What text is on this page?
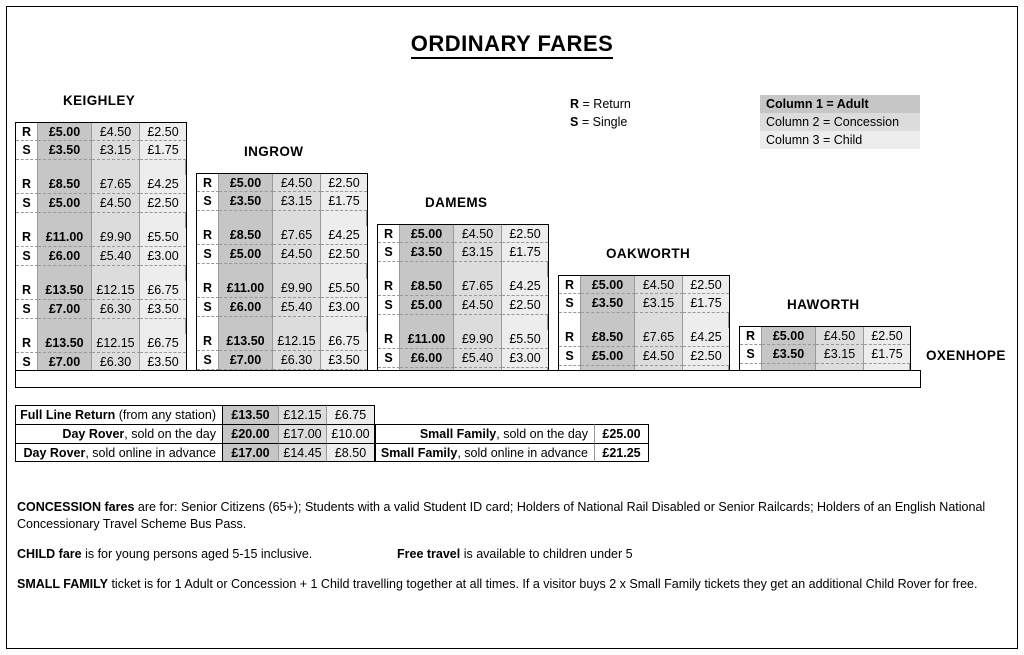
ORDINARY FARES
R = Return
S = Single
Column 1 = Adult
Column 2 = Concession
Column 3 = Child
KEIGHLEY
R	£5.00	£4.50	£2.50
S	£3.50	£3.15	£1.75

R	£8.50	£7.65	£4.25
S	£5.00	£4.50	£2.50

R	£11.00	£9.90	£5.50
S	£6.00	£5.40	£3.00

R	£13.50	£12.15	£6.75
S	£7.00	£6.30	£3.50

R	£13.50	£12.15	£6.75
S	£7.00	£6.30	£3.50

INGROW
R	£5.00	£4.50	£2.50
S	£3.50	£3.15	£1.75

R	£8.50	£7.65	£4.25
S	£5.00	£4.50	£2.50

R	£11.00	£9.90	£5.50
S	£6.00	£5.40	£3.00

R	£13.50	£12.15	£6.75
S	£7.00	£6.30	£3.50

DAMEMS
R	£5.00	£4.50	£2.50
S	£3.50	£3.15	£1.75

R	£8.50	£7.65	£4.25
S	£5.00	£4.50	£2.50

R	£11.00	£9.90	£5.50
S	£6.00	£5.40	£3.00

OAKWORTH
R	£5.00	£4.50	£2.50
S	£3.50	£3.15	£1.75

R	£8.50	£7.65	£4.25
S	£5.00	£4.50	£2.50

HAWORTH
R	£5.00	£4.50	£2.50
S	£3.50	£3.15	£1.75

	OXENHOPE
Full Line Return (from any station)	£13.50	£12.15	£6.75
Day Rover, sold on the day	£20.00	£17.00 £10.00
Day Rover, sold online in advance	£17.00	£14.45	£8.50
Small Family, sold on the day	£25.00
Small Family, sold online in advance	£21.25
CONCESSION fares are for: Senior Citizens (65+); Students with a valid Student ID card; Holders of National Rail Disabled or Senior Railcards; Holders of an English National Concessionary Travel Scheme Bus Pass.
CHILD fare is for young persons aged 5-15 inclusive.	Free travel is available to children under 5
SMALL FAMILY ticket is for 1 Adult or Concession + 1 Child travelling together at all times. If a visitor buys 2 x Small Family tickets they get an additional Child Rover for free.
